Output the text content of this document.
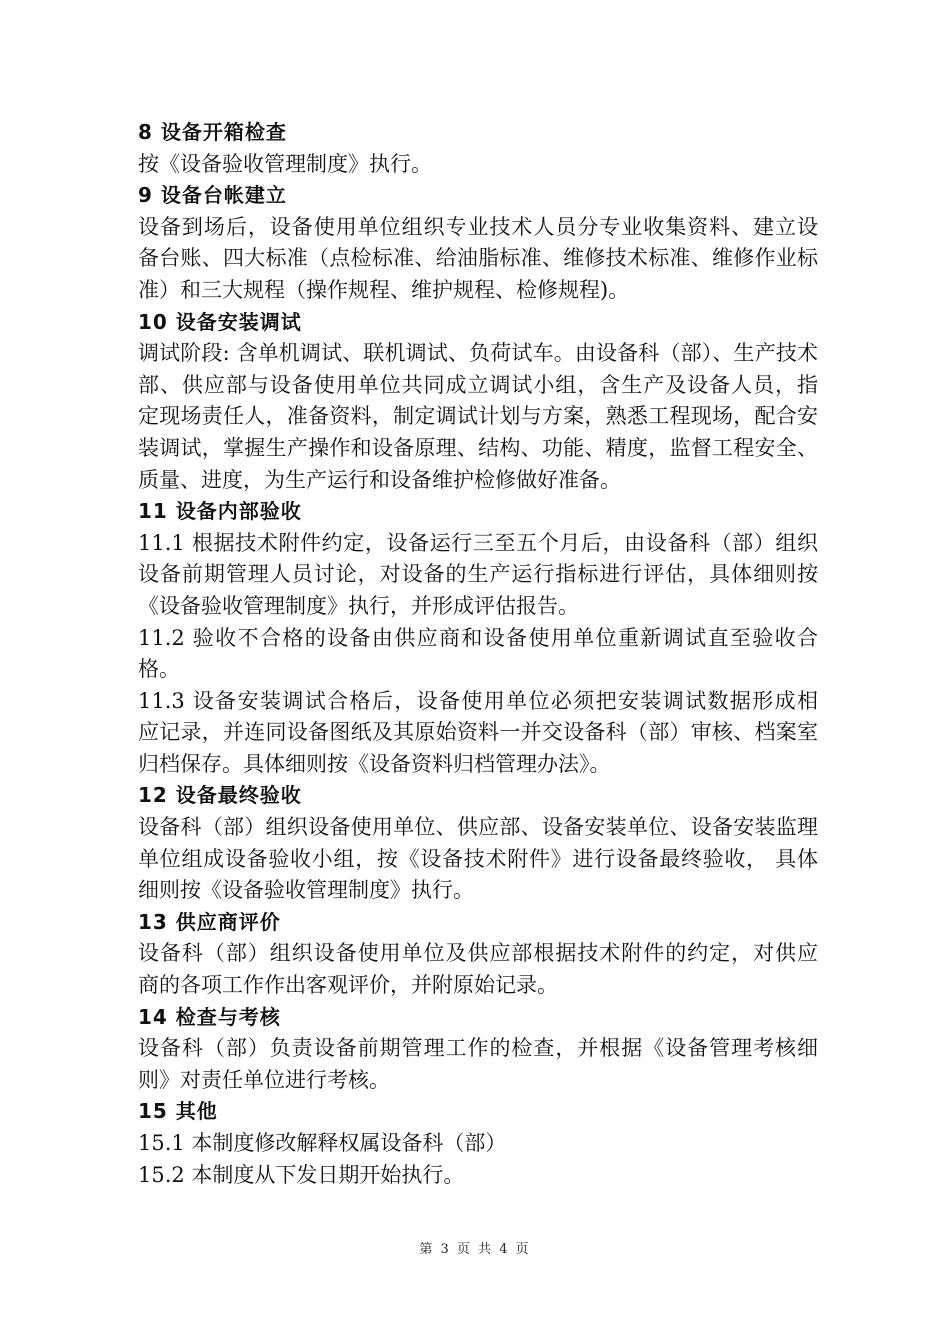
8 设备开箱检查
按《设备验收管理制度》执行。
9 设备台帐建立
设备到场后，设备使用单位组织专业技术人员分专业收集资料、建立设
备台账、四大标准（点检标准、给油脂标准、维修技术标准、维修作业标
准）和三大规程（操作规程、维护规程、检修规程)。
10 设备安装调试
调试阶段: 含单机调试、联机调试、负荷试车。由设备科（部）、生产技术
部、供应部与设备使用单位共同成立调试小组，含生产及设备人员，指
定现场责任人，准备资料，制定调试计划与方案，熟悉工程现场，配合安
装调试，掌握生产操作和设备原理、结构、功能、精度，监督工程安全、
质量、进度，为生产运行和设备维护检修做好准备。
11 设备内部验收
11.1 根据技术附件约定，设备运行三至五个月后，由设备科（部）组织
设备前期管理人员讨论，对设备的生产运行指标进行评估，具体细则按
《设备验收管理制度》执行，并形成评估报告。
11.2 验收不合格的设备由供应商和设备使用单位重新调试直至验收合
格。
11.3 设备安装调试合格后，设备使用单位必须把安装调试数据形成相
应记录，并连同设备图纸及其原始资料一并交设备科（部）审核、档案室
归档保存。具体细则按《设备资料归档管理办法》。
12 设备最终验收
设备科（部）组织设备使用单位、供应部、设备安装单位、设备安装监理
单位组成设备验收小组，按《设备技术附件》进行设备最终验收， 具体
细则按《设备验收管理制度》执行。
13 供应商评价
设备科（部）组织设备使用单位及供应部根据技术附件的约定，对供应
商的各项工作作出客观评价，并附原始记录。
14 检查与考核
设备科（部）负责设备前期管理工作的检查，并根据《设备管理考核细
则》对责任单位进行考核。
15 其他
15.1 本制度修改解释权属设备科（部）
15.2 本制度从下发日期开始执行。
第 3 页 共 4 页
